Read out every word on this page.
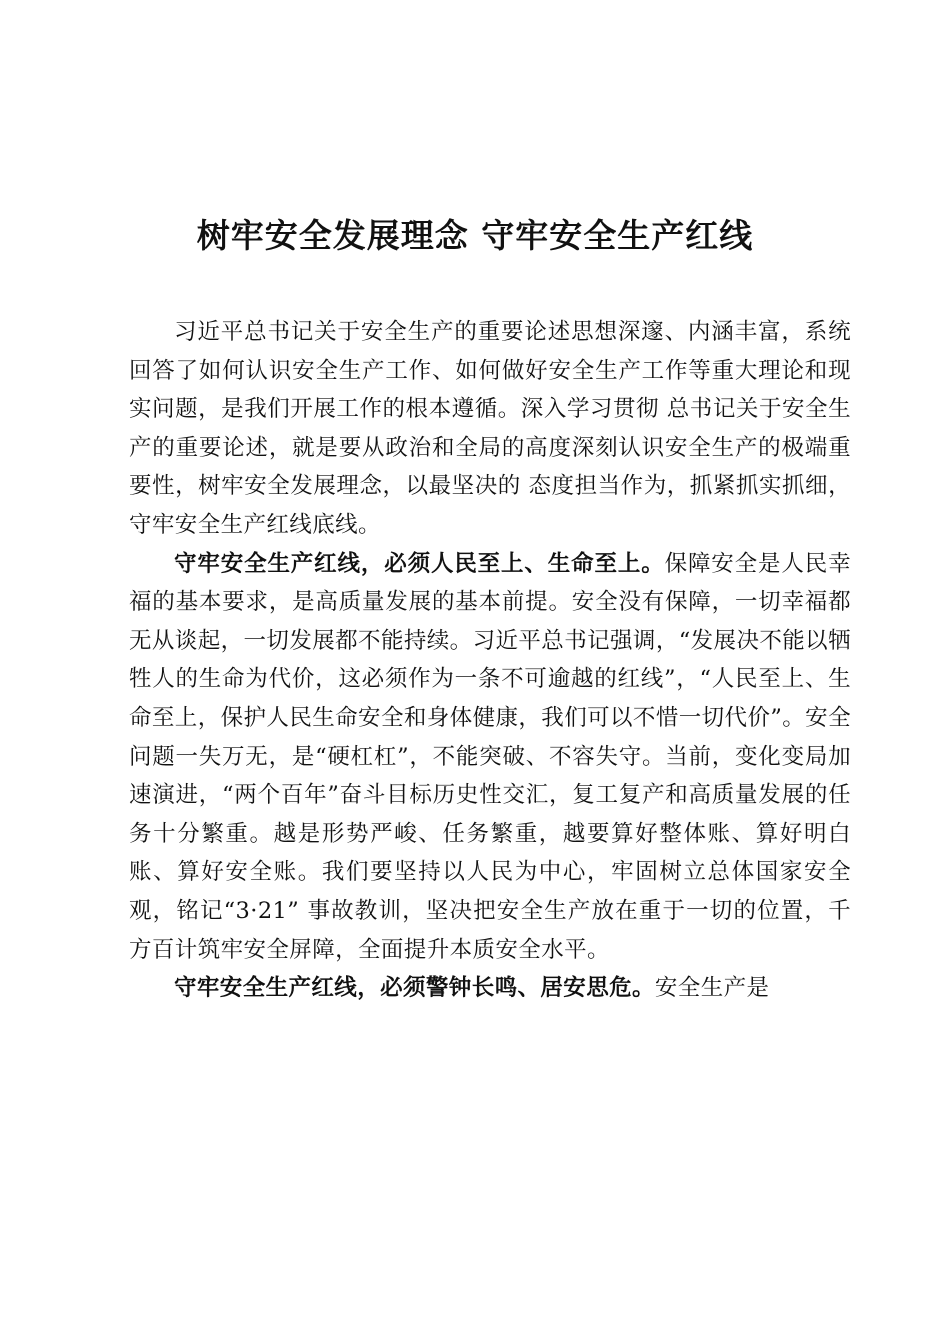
树牢安全发展理念 守牢安全生产红线

习近平总书记关于安全生产的重要论述思想深邃、内涵丰富，系统回答了如何认识安全生产工作、如何做好安全生产工作等重大理论和现实问题，是我们开展工作的根本遵循。深入学习贯彻 总书记关于安全生产的重要论述，就是要从政治和全局的高度深刻认识安全生产的极端重要性，树牢安全发展理念，以最坚决的 态度担当作为，抓紧抓实抓细，守牢安全生产红线底线。

守牢安全生产红线，必须人民至上、生命至上。保障安全是人民幸福的基本要求，是高质量发展的基本前提。安全没有保障，一切幸福都无从谈起，一切发展都不能持续。习近平总书记强调，“发展决不能以牺牲人的生命为代价，这必须作为一条不可逾越的红线”，“人民至上、生命至上，保护人民生命安全和身体健康，我们可以不惜一切代价”。安全问题一失万无，是“硬杠杠”，不能突破、不容失守。当前，变化变局加速演进，“两个百年”奋斗目标历史性交汇，复工复产和高质量发展的任务十分繁重。越是形势严峻、任务繁重，越要算好整体账、算好明白账、算好安全账。我们要坚持以人民为中心，牢固树立总体国家安全观，铭记“3·21” 事故教训，坚决把安全生产放在重于一切的位置，千方百计筑牢安全屏障，全面提升本质安全水平。

守牢安全生产红线，必须警钟长鸣、居安思危。安全生产是
